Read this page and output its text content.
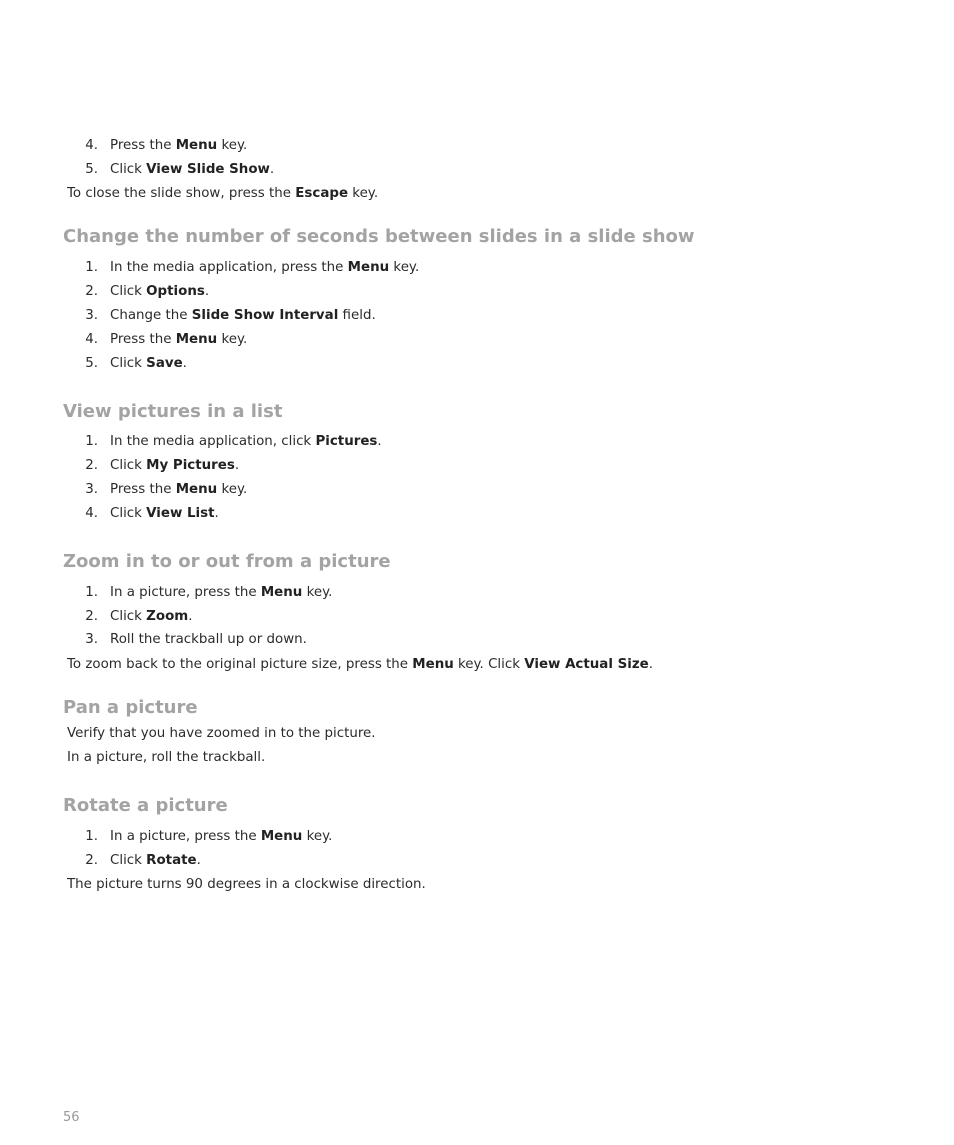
4. Press the Menu key.
5. Click View Slide Show.
To close the slide show, press the Escape key.
Change the number of seconds between slides in a slide show
1. In the media application, press the Menu key.
2. Click Options.
3. Change the Slide Show Interval field.
4. Press the Menu key.
5. Click Save.
View pictures in a list
1. In the media application, click Pictures.
2. Click My Pictures.
3. Press the Menu key.
4. Click View List.
Zoom in to or out from a picture
1. In a picture, press the Menu key.
2. Click Zoom.
3. Roll the trackball up or down.
To zoom back to the original picture size, press the Menu key. Click View Actual Size.
Pan a picture
Verify that you have zoomed in to the picture.
In a picture, roll the trackball.
Rotate a picture
1. In a picture, press the Menu key.
2. Click Rotate.
The picture turns 90 degrees in a clockwise direction.
56
